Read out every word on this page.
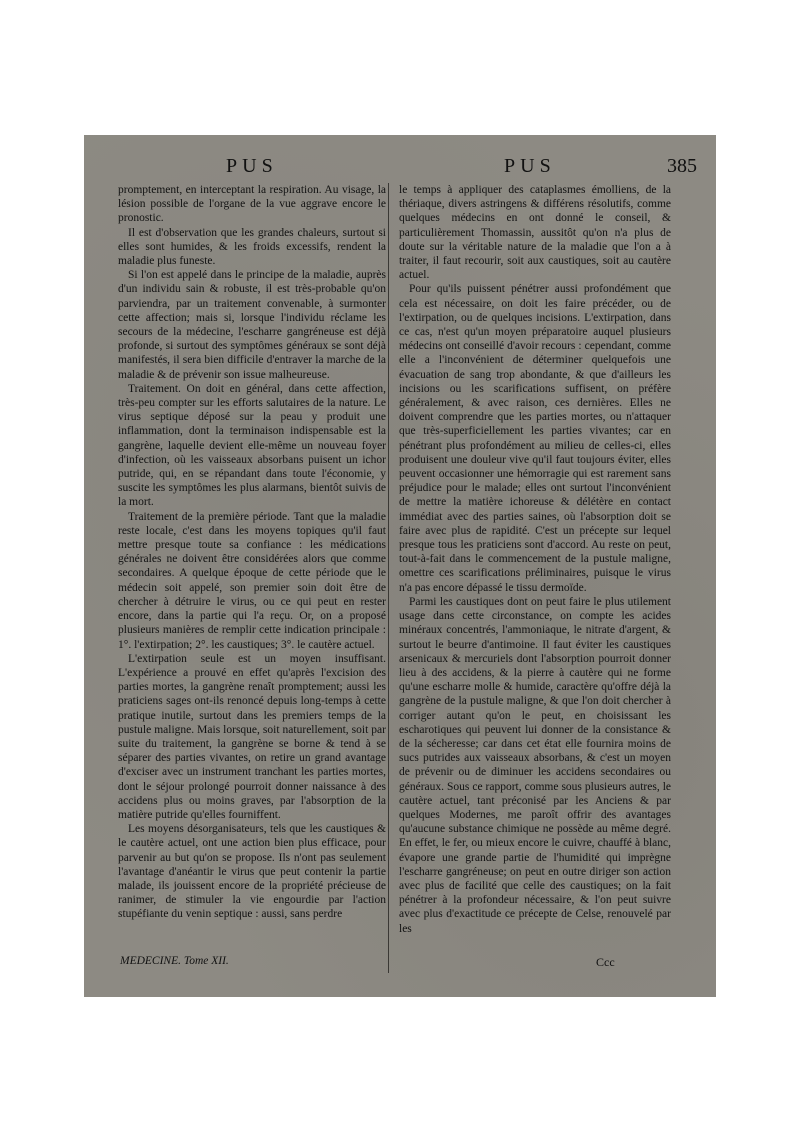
PUS	PUS	385

promptement, en interceptant la respiration. Au visage, la lésion possible de l'organe de la vue aggrave encore le pronostic.

Il est d'observation que les grandes chaleurs, surtout si elles sont humides, & les froids excessifs, rendent la maladie plus funeste.

Si l'on est appelé dans le principe de la maladie, auprès d'un individu sain & robuste, il est très-probable qu'on parviendra, par un traitement convenable, à surmonter cette affection; mais si, lorsque l'individu réclame les secours de la médecine, l'escharre gangréneuse est déjà profonde, si surtout des symptômes généraux se sont déjà manifestés, il sera bien difficile d'entraver la marche de la maladie & de prévenir son issue malheureuse.

Traitement. On doit en général, dans cette affection, très-peu compter sur les efforts salutaires de la nature. Le virus septique déposé sur la peau y produit une inflammation, dont la terminaison indispensable est la gangrène, laquelle devient elle-même un nouveau foyer d'infection, où les vaisseaux absorbans puisent un ichor putride, qui, en se répandant dans toute l'économie, y suscite les symptômes les plus alarmans, bientôt suivis de la mort.

Traitement de la première période. Tant que la maladie reste locale, c'est dans les moyens topiques qu'il faut mettre presque toute sa confiance : les médications générales ne doivent être considérées alors que comme secondaires. A quelque époque de cette période que le médecin soit appelé, son premier soin doit être de chercher à détruire le virus, ou ce qui peut en rester encore, dans la partie qui l'a reçu. Or, on a proposé plusieurs manières de remplir cette indication principale : 1°. l'extirpation; 2°. les caustiques; 3°. le cautère actuel.

L'extirpation seule est un moyen insuffisant. L'expérience a prouvé en effet qu'après l'excision des parties mortes, la gangrène renaît promptement; aussi les praticiens sages ont-ils renoncé depuis long-temps à cette pratique inutile, surtout dans les premiers temps de la pustule maligne. Mais lorsque, soit naturellement, soit par suite du traitement, la gangrène se borne & tend à se séparer des parties vivantes, on retire un grand avantage d'exciser avec un instrument tranchant les parties mortes, dont le séjour prolongé pourroit donner naissance à des accidens plus ou moins graves, par l'absorption de la matière putride qu'elles fourniffent.

Les moyens désorganisateurs, tels que les caustiques & le cautère actuel, ont une action bien plus efficace, pour parvenir au but qu'on se propose. Ils n'ont pas seulement l'avantage d'anéantir le virus que peut contenir la partie malade, ils jouissent encore de la propriété précieuse de ranimer, de stimuler la vie engourdie par l'action stupéfiante du venin septique : aussi, sans perdre

le temps à appliquer des cataplasmes émolliens, de la thériaque, divers astringens & différens résolutifs, comme quelques médecins en ont donné le conseil, & particulièrement Thomassin, aussitôt qu'on n'a plus de doute sur la véritable nature de la maladie que l'on a à traiter, il faut recourir, soit aux caustiques, soit au cautère actuel.

Pour qu'ils puissent pénétrer aussi profondément que cela est nécessaire, on doit les faire précéder, ou de l'extirpation, ou de quelques incisions. L'extirpation, dans ce cas, n'est qu'un moyen préparatoire auquel plusieurs médecins ont conseillé d'avoir recours : cependant, comme elle a l'inconvénient de déterminer quelquefois une évacuation de sang trop abondante, & que d'ailleurs les incisions ou les scarifications suffisent, on préfère généralement, & avec raison, ces dernières. Elles ne doivent comprendre que les parties mortes, ou n'attaquer que très-superficiellement les parties vivantes; car en pénétrant plus profondément au milieu de celles-ci, elles produisent une douleur vive qu'il faut toujours éviter, elles peuvent occasionner une hémorragie qui est rarement sans préjudice pour le malade; elles ont surtout l'inconvénient de mettre la matière ichoreuse & délétère en contact immédiat avec des parties saines, où l'absorption doit se faire avec plus de rapidité. C'est un précepte sur lequel presque tous les praticiens sont d'accord. Au reste on peut, tout-à-fait dans le commencement de la pustule maligne, omettre ces scarifications préliminaires, puisque le virus n'a pas encore dépassé le tissu dermoïde.

Parmi les caustiques dont on peut faire le plus utilement usage dans cette circonstance, on compte les acides minéraux concentrés, l'ammoniaque, le nitrate d'argent, & surtout le beurre d'antimoine. Il faut éviter les caustiques arsenicaux & mercuriels dont l'absorption pourroit donner lieu à des accidens, & la pierre à cautère qui ne forme qu'une escharre molle & humide, caractère qu'offre déjà la gangrène de la pustule maligne, & que l'on doit chercher à corriger autant qu'on le peut, en choisissant les escharotiques qui peuvent lui donner de la consistance & de la sécheresse; car dans cet état elle fournira moins de sucs putrides aux vaisseaux absorbans, & c'est un moyen de prévenir ou de diminuer les accidens secondaires ou généraux. Sous ce rapport, comme sous plusieurs autres, le cautère actuel, tant préconisé par les Anciens & par quelques Modernes, me paroît offrir des avantages qu'aucune substance chimique ne possède au même degré. En effet, le fer, ou mieux encore le cuivre, chauffé à blanc, évapore une grande partie de l'humidité qui imprègne l'escharre gangréneuse; on peut en outre diriger son action avec plus de facilité que celle des caustiques; on la fait pénétrer à la profondeur nécessaire, & l'on peut suivre avec plus d'exactitude ce précepte de Celse, renouvelé par les

MEDECINE. Tome XII.	Ccc
